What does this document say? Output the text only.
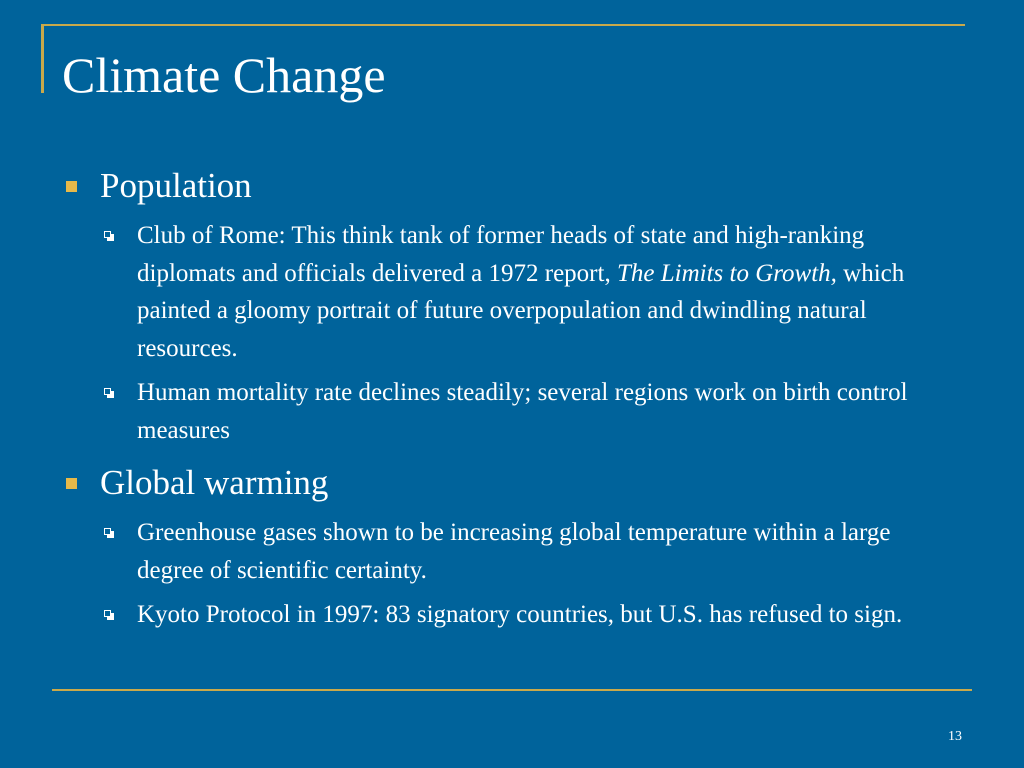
Climate Change
Population
Club of Rome: This think tank of former heads of state and high-ranking diplomats and officials delivered a 1972 report, The Limits to Growth, which painted a gloomy portrait of future overpopulation and dwindling natural resources.
Human mortality rate declines steadily; several regions work on birth control measures
Global warming
Greenhouse gases shown to be increasing global temperature within a large degree of scientific certainty.
Kyoto Protocol in 1997: 83 signatory countries, but U.S. has refused to sign.
13
